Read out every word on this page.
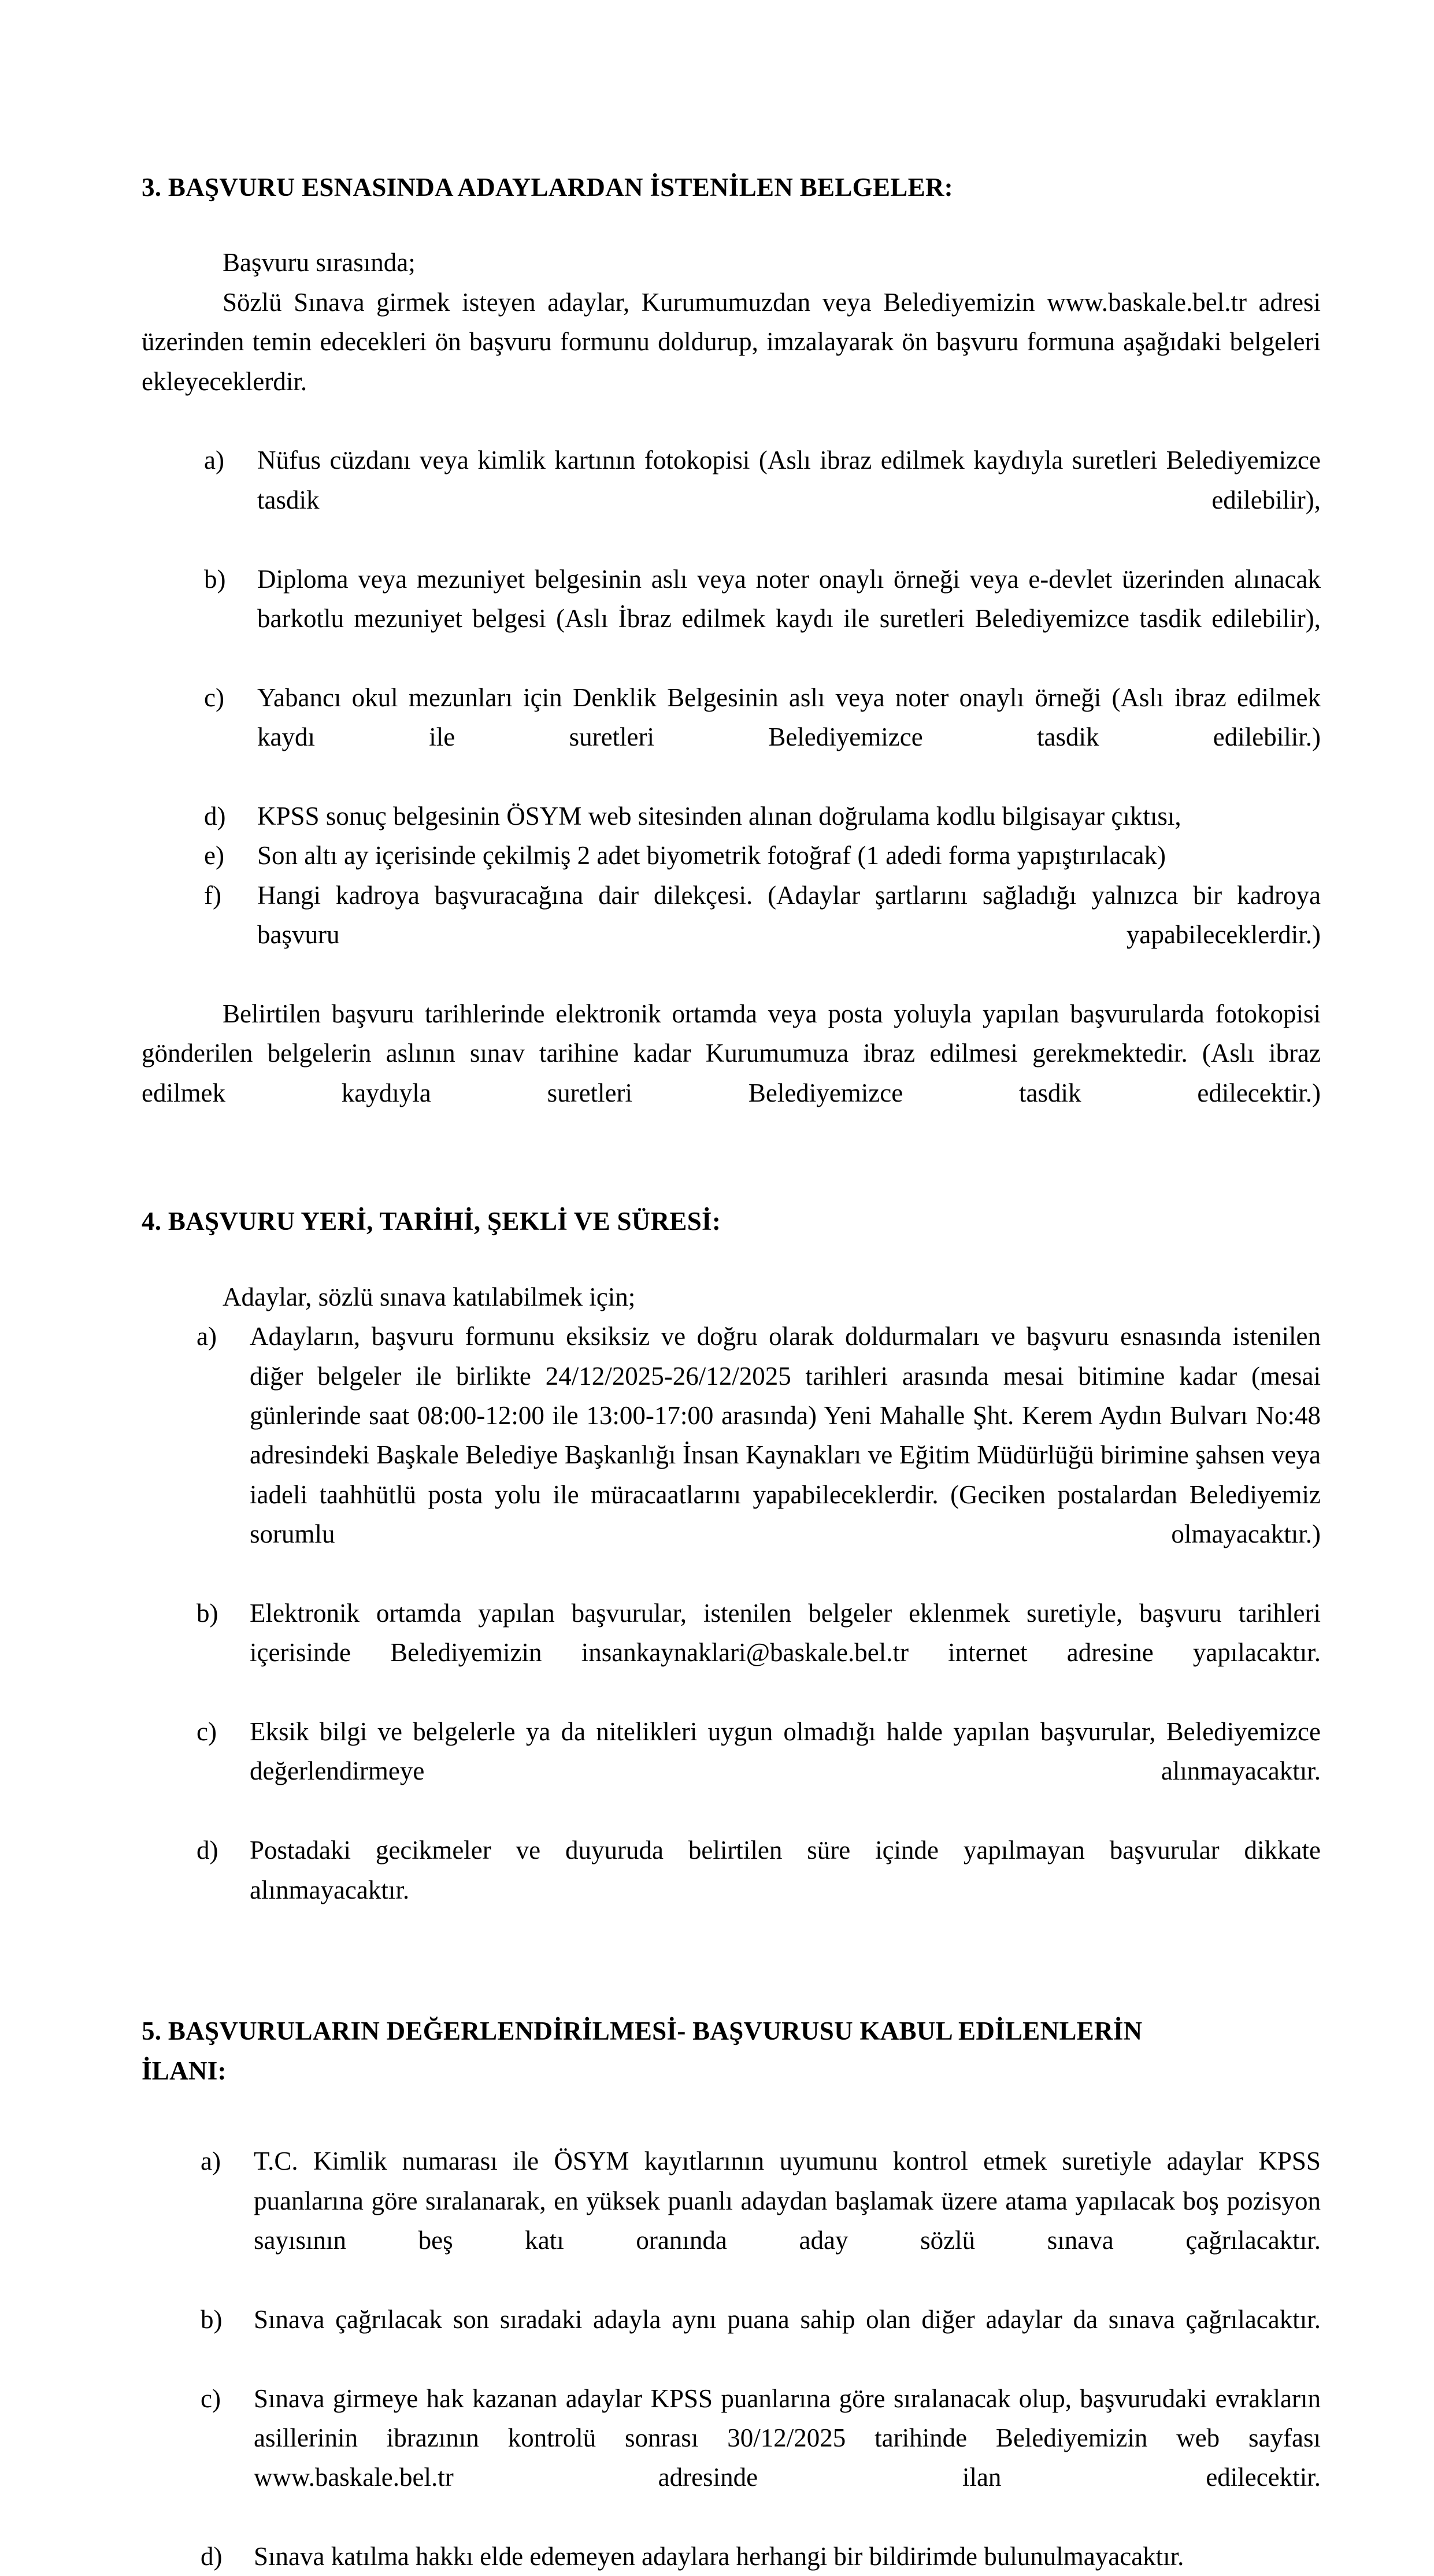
3. BAŞVURU ESNASINDA ADAYLARDAN İSTENİLEN BELGELER:

Başvuru sırasında;

Sözlü Sınava girmek isteyen adaylar, Kurumumuzdan veya Belediyemizin www.baskale.bel.tr adresi üzerinden temin edecekleri ön başvuru formunu doldurup, imzalayarak ön başvuru formuna aşağıdaki belgeleri ekleyeceklerdir.

a)	Nüfus cüzdanı veya kimlik kartının fotokopisi (Aslı ibraz edilmek kaydıyla suretleri Belediyemizce tasdik edilebilir),
b)	Diploma veya mezuniyet belgesinin aslı veya noter onaylı örneği veya e-devlet üzerinden alınacak barkotlu mezuniyet belgesi (Aslı İbraz edilmek kaydı ile suretleri Belediyemizce tasdik edilebilir),
c)	Yabancı okul mezunları için Denklik Belgesinin aslı veya noter onaylı örneği (Aslı ibraz edilmek kaydı ile suretleri Belediyemizce tasdik edilebilir.)
d)	KPSS sonuç belgesinin ÖSYM web sitesinden alınan doğrulama kodlu bilgisayar çıktısı,
e)	Son altı ay içerisinde çekilmiş 2 adet biyometrik fotoğraf (1 adedi forma yapıştırılacak)
f)	Hangi kadroya başvuracağına dair dilekçesi. (Adaylar şartlarını sağladığı yalnızca bir kadroya başvuru yapabileceklerdir.)

Belirtilen başvuru tarihlerinde elektronik ortamda veya posta yoluyla yapılan başvurularda fotokopisi gönderilen belgelerin aslının sınav tarihine kadar Kurumumuza ibraz edilmesi gerekmektedir. (Aslı ibraz edilmek kaydıyla suretleri Belediyemizce tasdik edilecektir.)

4. BAŞVURU YERİ, TARİHİ, ŞEKLİ VE SÜRESİ:

Adaylar, sözlü sınava katılabilmek için;

a)	Adayların, başvuru formunu eksiksiz ve doğru olarak doldurmaları ve başvuru esnasında istenilen diğer belgeler ile birlikte 24/12/2025-26/12/2025 tarihleri arasında mesai bitimine kadar (mesai günlerinde saat 08:00-12:00 ile 13:00-17:00 arasında) Yeni Mahalle Şht. Kerem Aydın Bulvarı No:48 adresindeki Başkale Belediye Başkanlığı İnsan Kaynakları ve Eğitim Müdürlüğü birimine şahsen veya iadeli taahhütlü posta yolu ile müracaatlarını yapabileceklerdir. (Geciken postalardan Belediyemiz sorumlu olmayacaktır.)
b)	Elektronik ortamda yapılan başvurular, istenilen belgeler eklenmek suretiyle, başvuru tarihleri içerisinde Belediyemizin insankaynaklari@baskale.bel.tr internet adresine yapılacaktır.
c)	Eksik bilgi ve belgelerle ya da nitelikleri uygun olmadığı halde yapılan başvurular, Belediyemizce değerlendirmeye alınmayacaktır.
d)	Postadaki gecikmeler ve duyuruda belirtilen süre içinde yapılmayan başvurular dikkate alınmayacaktır.
5. BAŞVURULARIN DEĞERLENDİRİLMESİ- BAŞVURUSU KABUL EDİLENLERİN
İLANI:
a)	T.C. Kimlik numarası ile ÖSYM kayıtlarının uyumunu kontrol etmek suretiyle adaylar KPSS puanlarına göre sıralanarak, en yüksek puanlı adaydan başlamak üzere atama yapılacak boş pozisyon sayısının beş katı oranında aday sözlü sınava çağrılacaktır.
b)	Sınava çağrılacak son sıradaki adayla aynı puana sahip olan diğer adaylar da sınava çağrılacaktır.
c)	Sınava girmeye hak kazanan adaylar KPSS puanlarına göre sıralanacak olup, başvurudaki evrakların asillerinin ibrazının kontrolü sonrası 30/12/2025 tarihinde Belediyemizin web sayfası www.baskale.bel.tr adresinde ilan edilecektir.
d)	Sınava katılma hakkı elde edemeyen adaylara herhangi bir bildirimde bulunulmayacaktır.
